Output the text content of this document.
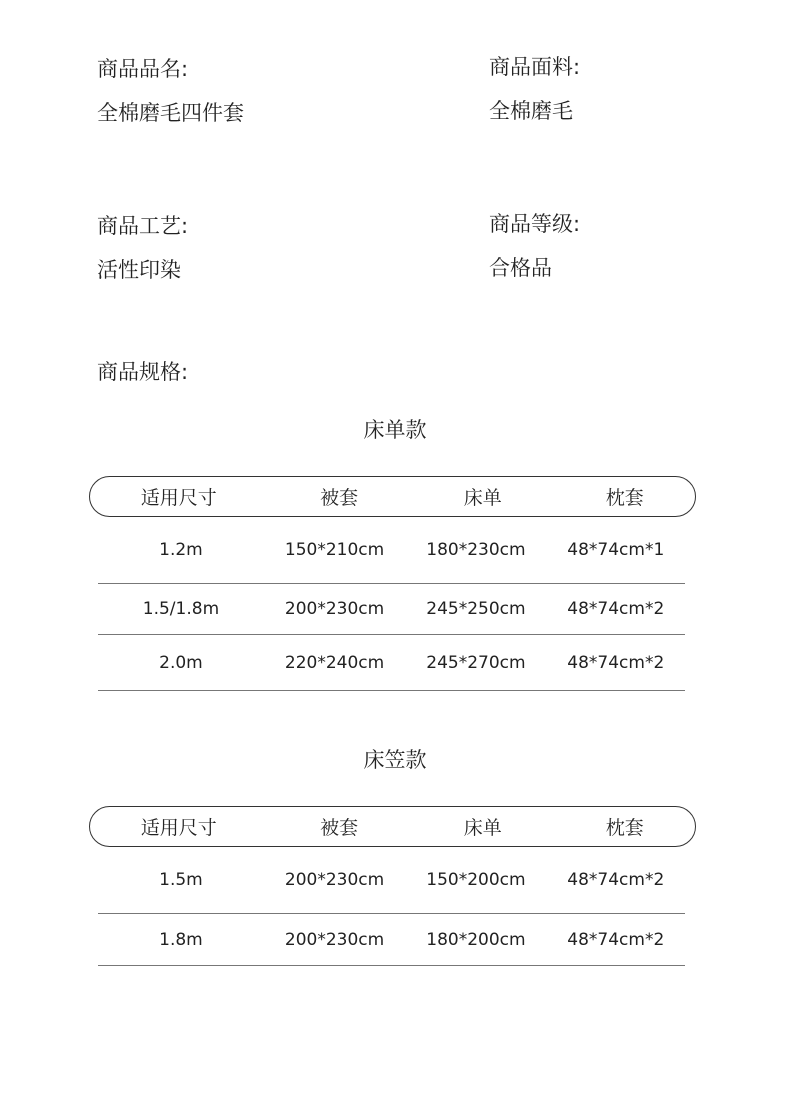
商品品名:
全棉磨毛四件套
商品面料:
全棉磨毛
商品工艺:
活性印染
商品等级:
合格品
商品规格:
床单款
适用尺寸	被套	床单	枕套
1.2m	150*210cm	180*230cm	48*74cm*1
1.5/1.8m	200*230cm	245*250cm	48*74cm*2
2.0m	220*240cm	245*270cm	48*74cm*2
床笠款
适用尺寸	被套	床单	枕套
1.5m	200*230cm	150*200cm	48*74cm*2
1.8m	200*230cm	180*200cm	48*74cm*2
